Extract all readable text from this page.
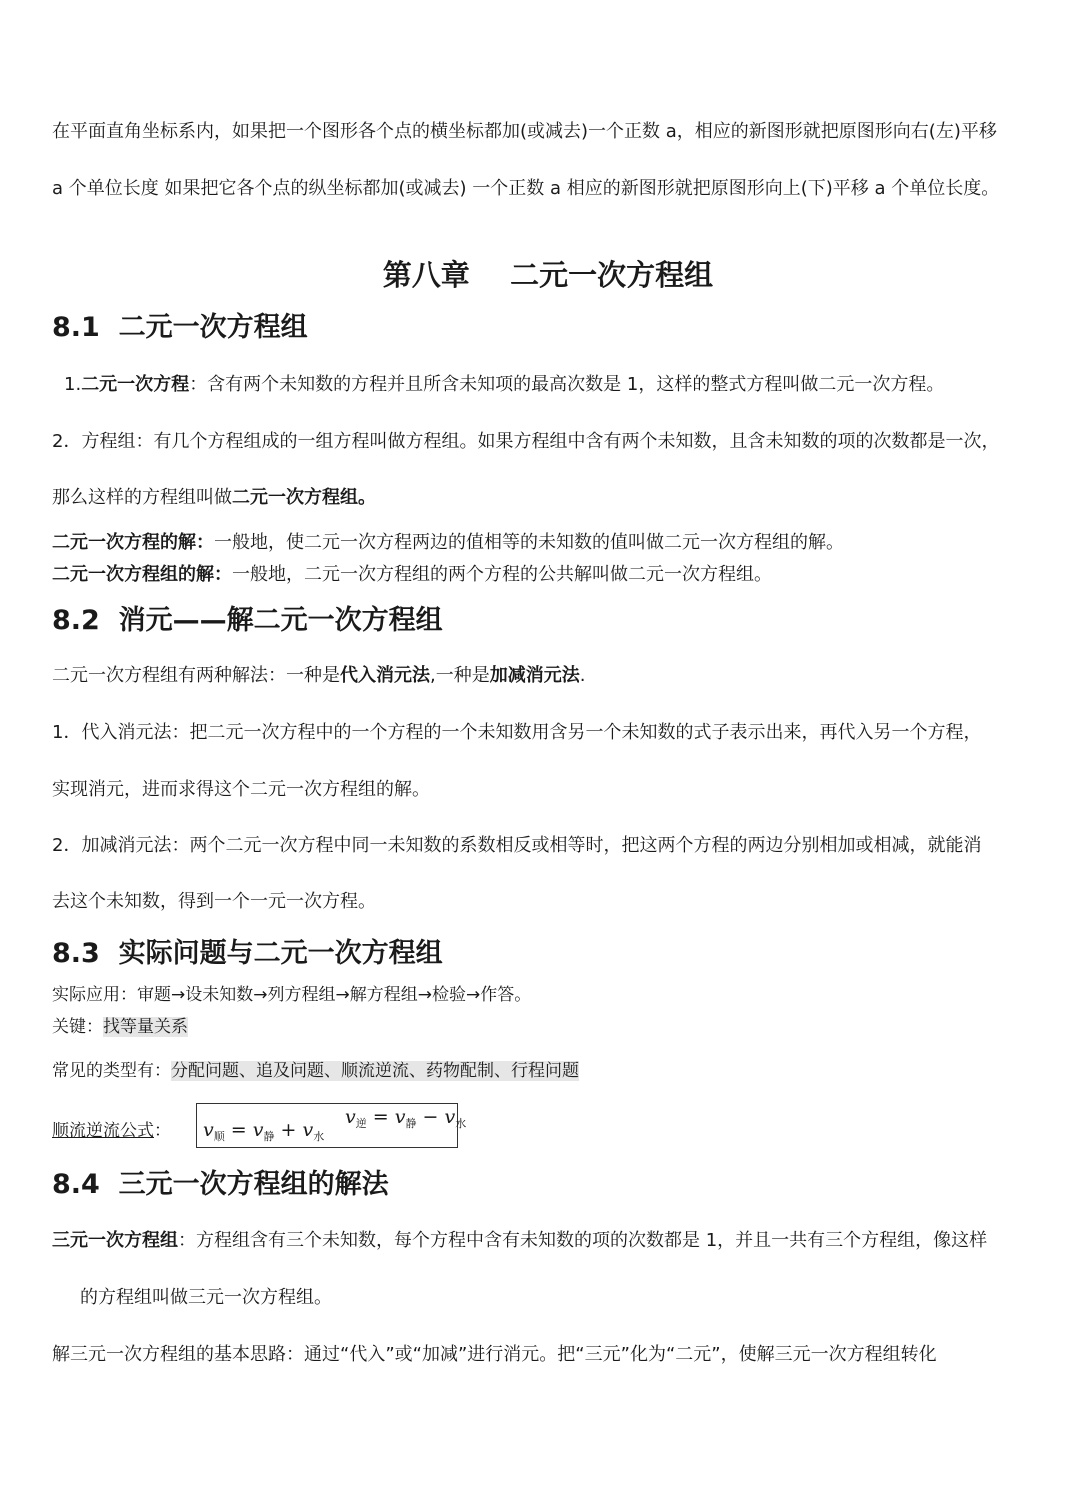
在平面直角坐标系内，如果把一个图形各个点的横坐标都加(或减去)一个正数 a，相应的新图形就把原图形向右(左)平移
a 个单位长度 如果把它各个点的纵坐标都加(或减去) 一个正数 a 相应的新图形就把原图形向上(下)平移 a 个单位长度。
第八章    二元一次方程组
8.1  二元一次方程组
1.二元一次方程：含有两个未知数的方程并且所含未知项的最高次数是 1，这样的整式方程叫做二元一次方程。
2．方程组：有几个方程组成的一组方程叫做方程组。如果方程组中含有两个未知数，且含未知数的项的次数都是一次，
那么这样的方程组叫做二元一次方程组。
二元一次方程的解：一般地，使二元一次方程两边的值相等的未知数的值叫做二元一次方程组的解。
二元一次方程组的解：一般地，二元一次方程组的两个方程的公共解叫做二元一次方程组。
8.2  消元——解二元一次方程组
二元一次方程组有两种解法：一种是代入消元法,一种是加减消元法.
1．代入消元法：把二元一次方程中的一个方程的一个未知数用含另一个未知数的式子表示出来，再代入另一个方程，
实现消元，进而求得这个二元一次方程组的解。
2．加减消元法：两个二元一次方程中同一未知数的系数相反或相等时，把这两个方程的两边分别相加或相减，就能消
去这个未知数，得到一个一元一次方程。
8.3  实际问题与二元一次方程组
实际应用：审题→设未知数→列方程组→解方程组→检验→作答。
关键：找等量关系
常见的类型有：分配问题、追及问题、顺流逆流、药物配制、行程问题
顺流逆流公式： $v_顺 = v_静 + v_水$
$v_逆 = v_静 - v_水$
8.4  三元一次方程组的解法
三元一次方程组：方程组含有三个未知数，每个方程中含有未知数的项的次数都是 1，并且一共有三个方程组，像这样
的方程组叫做三元一次方程组。
解三元一次方程组的基本思路：通过“代入”或“加减”进行消元。把“三元”化为“二元”，使解三元一次方程组转化
